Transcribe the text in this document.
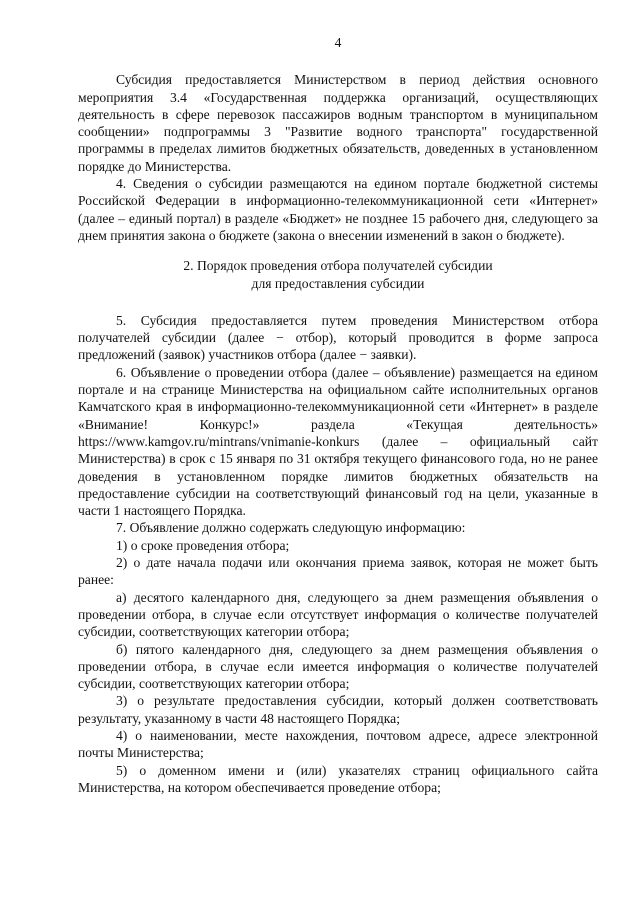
4

Субсидия предоставляется Министерством в период действия основного мероприятия 3.4 «Государственная поддержка организаций, осуществляющих деятельность в сфере перевозок пассажиров водным транспортом в муниципальном сообщении» подпрограммы 3 "Развитие водного транспорта" государственной программы в пределах лимитов бюджетных обязательств, доведенных в установленном порядке до Министерства.

4. Сведения о субсидии размещаются на едином портале бюджетной системы Российской Федерации в информационно-телекоммуникационной сети «Интернет» (далее – единый портал) в разделе «Бюджет» не позднее 15 рабочего дня, следующего за днем принятия закона о бюджете (закона о внесении изменений в закон о бюджете).

2. Порядок проведения отбора получателей субсидии
для предоставления субсидии

5. Субсидия предоставляется путем проведения Министерством отбора получателей субсидии (далее − отбор), который проводится в форме запроса предложений (заявок) участников отбора (далее − заявки).

6. Объявление о проведении отбора (далее – объявление) размещается на едином портале и на странице Министерства на официальном сайте исполнительных органов Камчатского края в информационно-телекоммуникационной сети «Интернет» в разделе «Внимание! Конкурс!» раздела «Текущая деятельность» https://www.kamgov.ru/mintrans/vnimanie-konkurs (далее – официальный сайт Министерства) в срок с 15 января по 31 октября текущего финансового года, но не ранее доведения в установленном порядке лимитов бюджетных обязательств на предоставление субсидии на соответствующий финансовый год на цели, указанные в части 1 настоящего Порядка.

7. Объявление должно содержать следующую информацию:

1) о сроке проведения отбора;

2) о дате начала подачи или окончания приема заявок, которая не может быть ранее:

а) десятого календарного дня, следующего за днем размещения объявления о проведении отбора, в случае если отсутствует информация о количестве получателей субсидии, соответствующих категории отбора;

б) пятого календарного дня, следующего за днем размещения объявления о проведении отбора, в случае если имеется информация о количестве получателей субсидии, соответствующих категории отбора;

3) о результате предоставления субсидии, который должен соответствовать результату, указанному в части 48 настоящего Порядка;

4) о наименовании, месте нахождения, почтовом адресе, адресе электронной почты Министерства;

5) о доменном имени и (или) указателях страниц официального сайта Министерства, на котором обеспечивается проведение отбора;
